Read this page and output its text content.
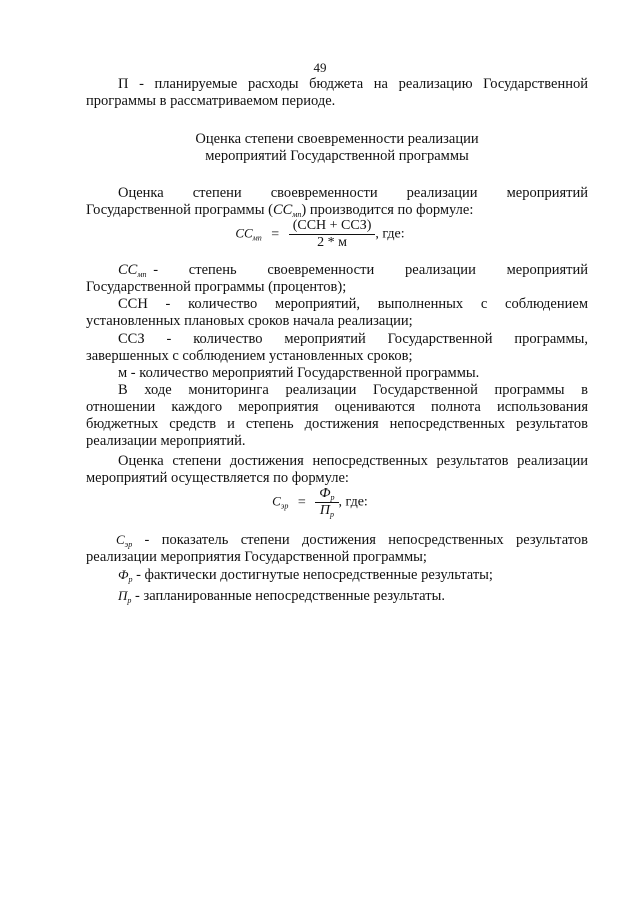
49

П - планируемые расходы бюджета на реализацию Государственной программы в рассматриваемом периоде.

Оценка степени своевременности реализации

мероприятий Государственной программы

Оценка степени своевременности реализации мероприятий

Государственной программы $(СС_{мп})$ производится по формуле:

$СС_{мп} = \frac{\text{(ССН + ССЗ)}}{2 * м}$ , где:

$СС_{мп}$ - степень своевременности реализации мероприятий

Государственной программы (процентов);

ССН - количество мероприятий, выполненных с соблюдением

установленных плановых сроков начала реализации;

ССЗ - количество мероприятий Государственной программы,

завершенных с соблюдением установленных сроков;

м - количество мероприятий Государственной программы.

В ходе мониторинга реализации Государственной программы в

отношении каждого мероприятия оцениваются полнота использования

бюджетных средств и степень достижения непосредственных результатов

реализации мероприятий.

Оценка степени достижения непосредственных результатов реализации

мероприятий осуществляется по формуле:

$С_{эр} = \frac{Ф_р}{П_р}$ , где:

$С_{эр}$ - показатель степени достижения непосредственных результатов

реализации мероприятия Государственной программы;

$Ф_р$ - фактически достигнутые непосредственные результаты;

$П_р$ - запланированные непосредственные результаты.
